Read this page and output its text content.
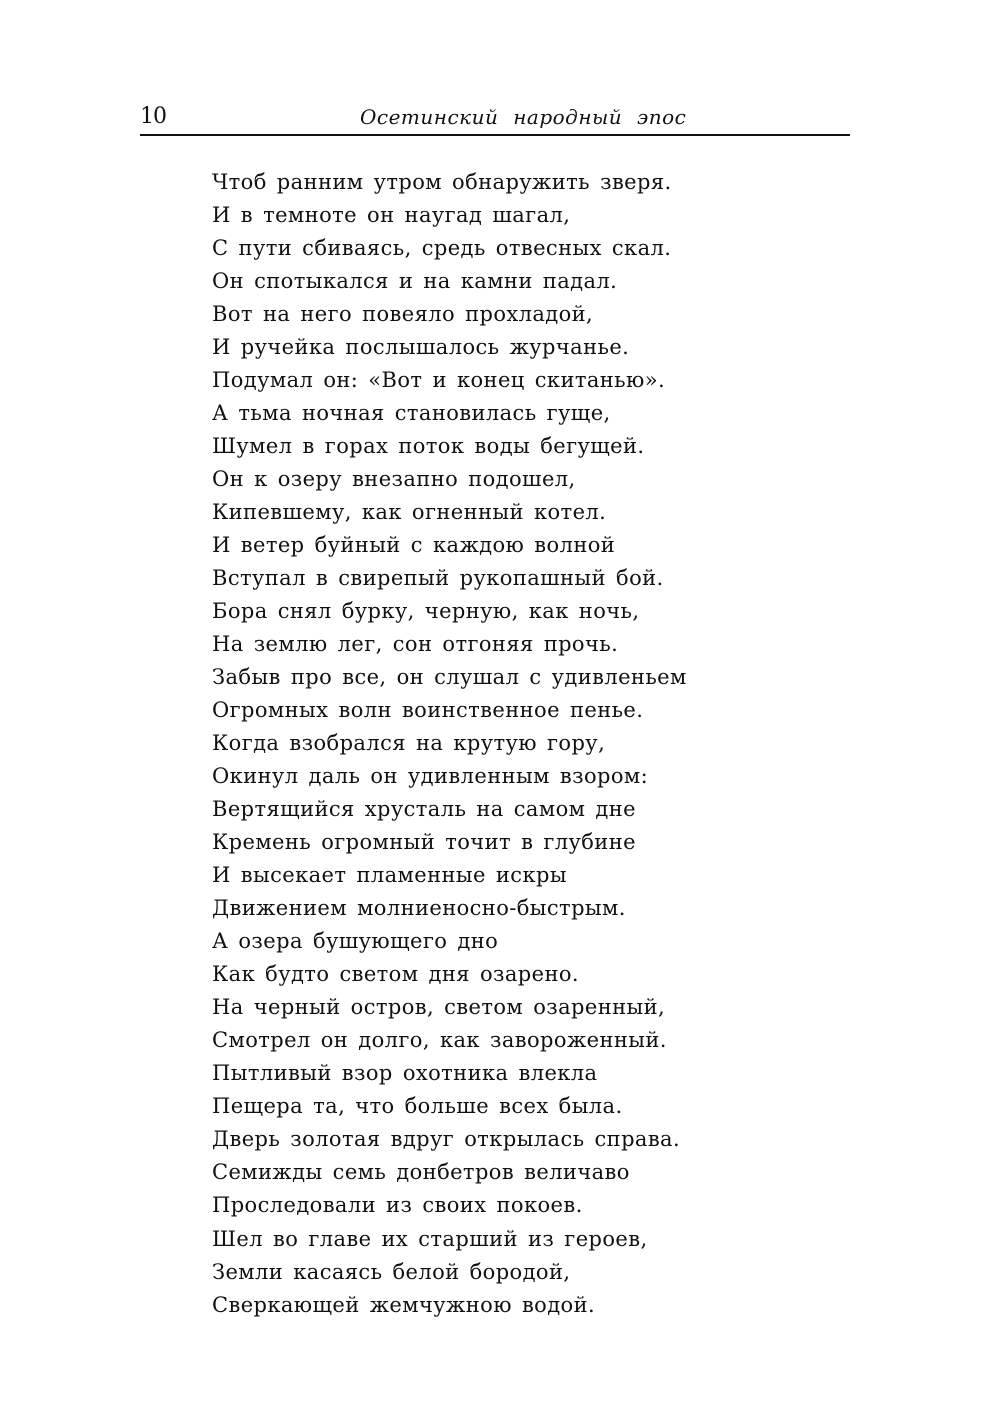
10	Осетинский народный эпос
Чтоб ранним утром обнаружить зверя.
И в темноте он наугад шагал,
С пути сбиваясь, средь отвесных скал.
Он спотыкался и на камни падал.
Вот на него повеяло прохладой,
И ручейка послышалось журчанье.
Подумал он: «Вот и конец скитанью».
А тьма ночная становилась гуще,
Шумел в горах поток воды бегущей.
Он к озеру внезапно подошел,
Кипевшему, как огненный котел.
И ветер буйный с каждою волной
Вступал в свирепый рукопашный бой.
Бора снял бурку, черную, как ночь,
На землю лег, сон отгоняя прочь.
Забыв про все, он слушал с удивленьем
Огромных волн воинственное пенье.
Когда взобрался на крутую гору,
Окинул даль он удивленным взором:
Вертящийся хрусталь на самом дне
Кремень огромный точит в глубине
И высекает пламенные искры
Движением молниеносно-быстрым.
А озера бушующего дно
Как будто светом дня озарено.
На черный остров, светом озаренный,
Смотрел он долго, как завороженный.
Пытливый взор охотника влекла
Пещера та, что больше всех была.
Дверь золотая вдруг открылась справа.
Семижды семь донбетров величаво
Проследовали из своих покоев.
Шел во главе их старший из героев,
Земли касаясь белой бородой,
Сверкающей жемчужною водой.
